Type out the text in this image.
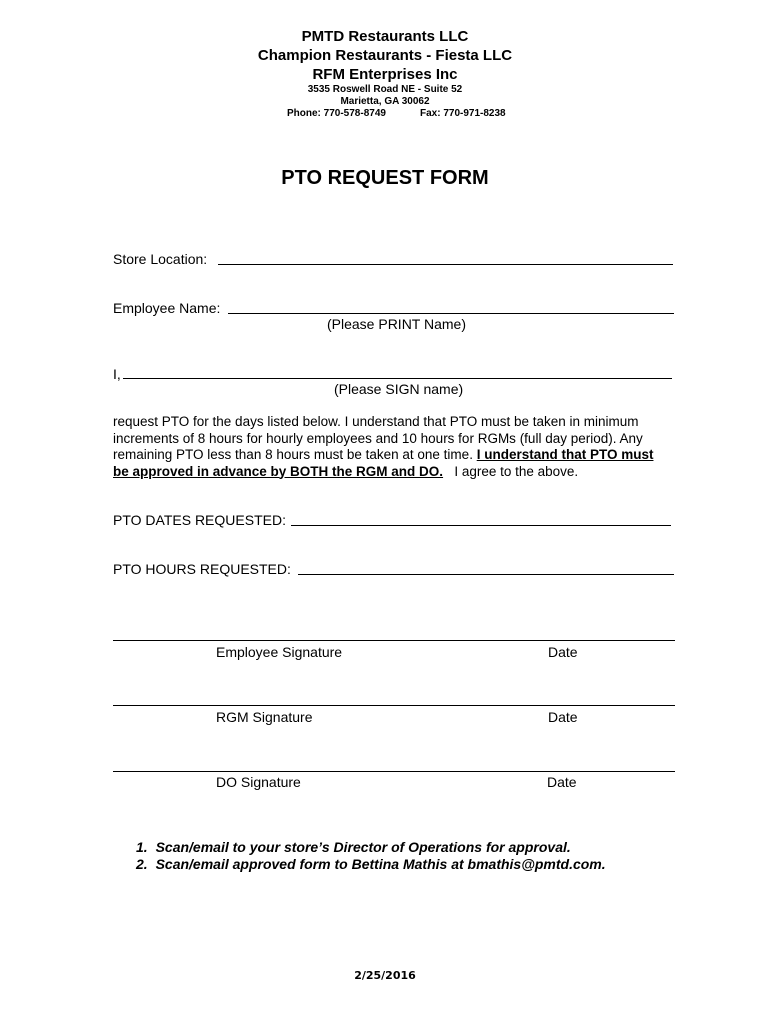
PMTD Restaurants LLC
Champion Restaurants - Fiesta LLC
RFM Enterprises Inc
3535 Roswell Road NE - Suite 52
Marietta, GA 30062
Phone: 770-578-8749	Fax: 770-971-8238
PTO REQUEST FORM
Store Location:
Employee Name:
(Please PRINT Name)
I,
(Please SIGN name)
request PTO for the days listed below. I understand that PTO must be taken in minimum
increments of 8 hours for hourly employees and 10 hours for RGMs (full day period). Any
remaining PTO less than 8 hours must be taken at one time. I understand that PTO must
be approved in advance by BOTH the RGM and DO.   I agree to the above.
PTO DATES REQUESTED:
PTO HOURS REQUESTED:
Employee Signature	Date
RGM Signature	Date
DO Signature	Date
1. Scan/email to your store’s Director of Operations for approval.
2. Scan/email approved form to Bettina Mathis at bmathis@pmtd.com.
2/25/2016
